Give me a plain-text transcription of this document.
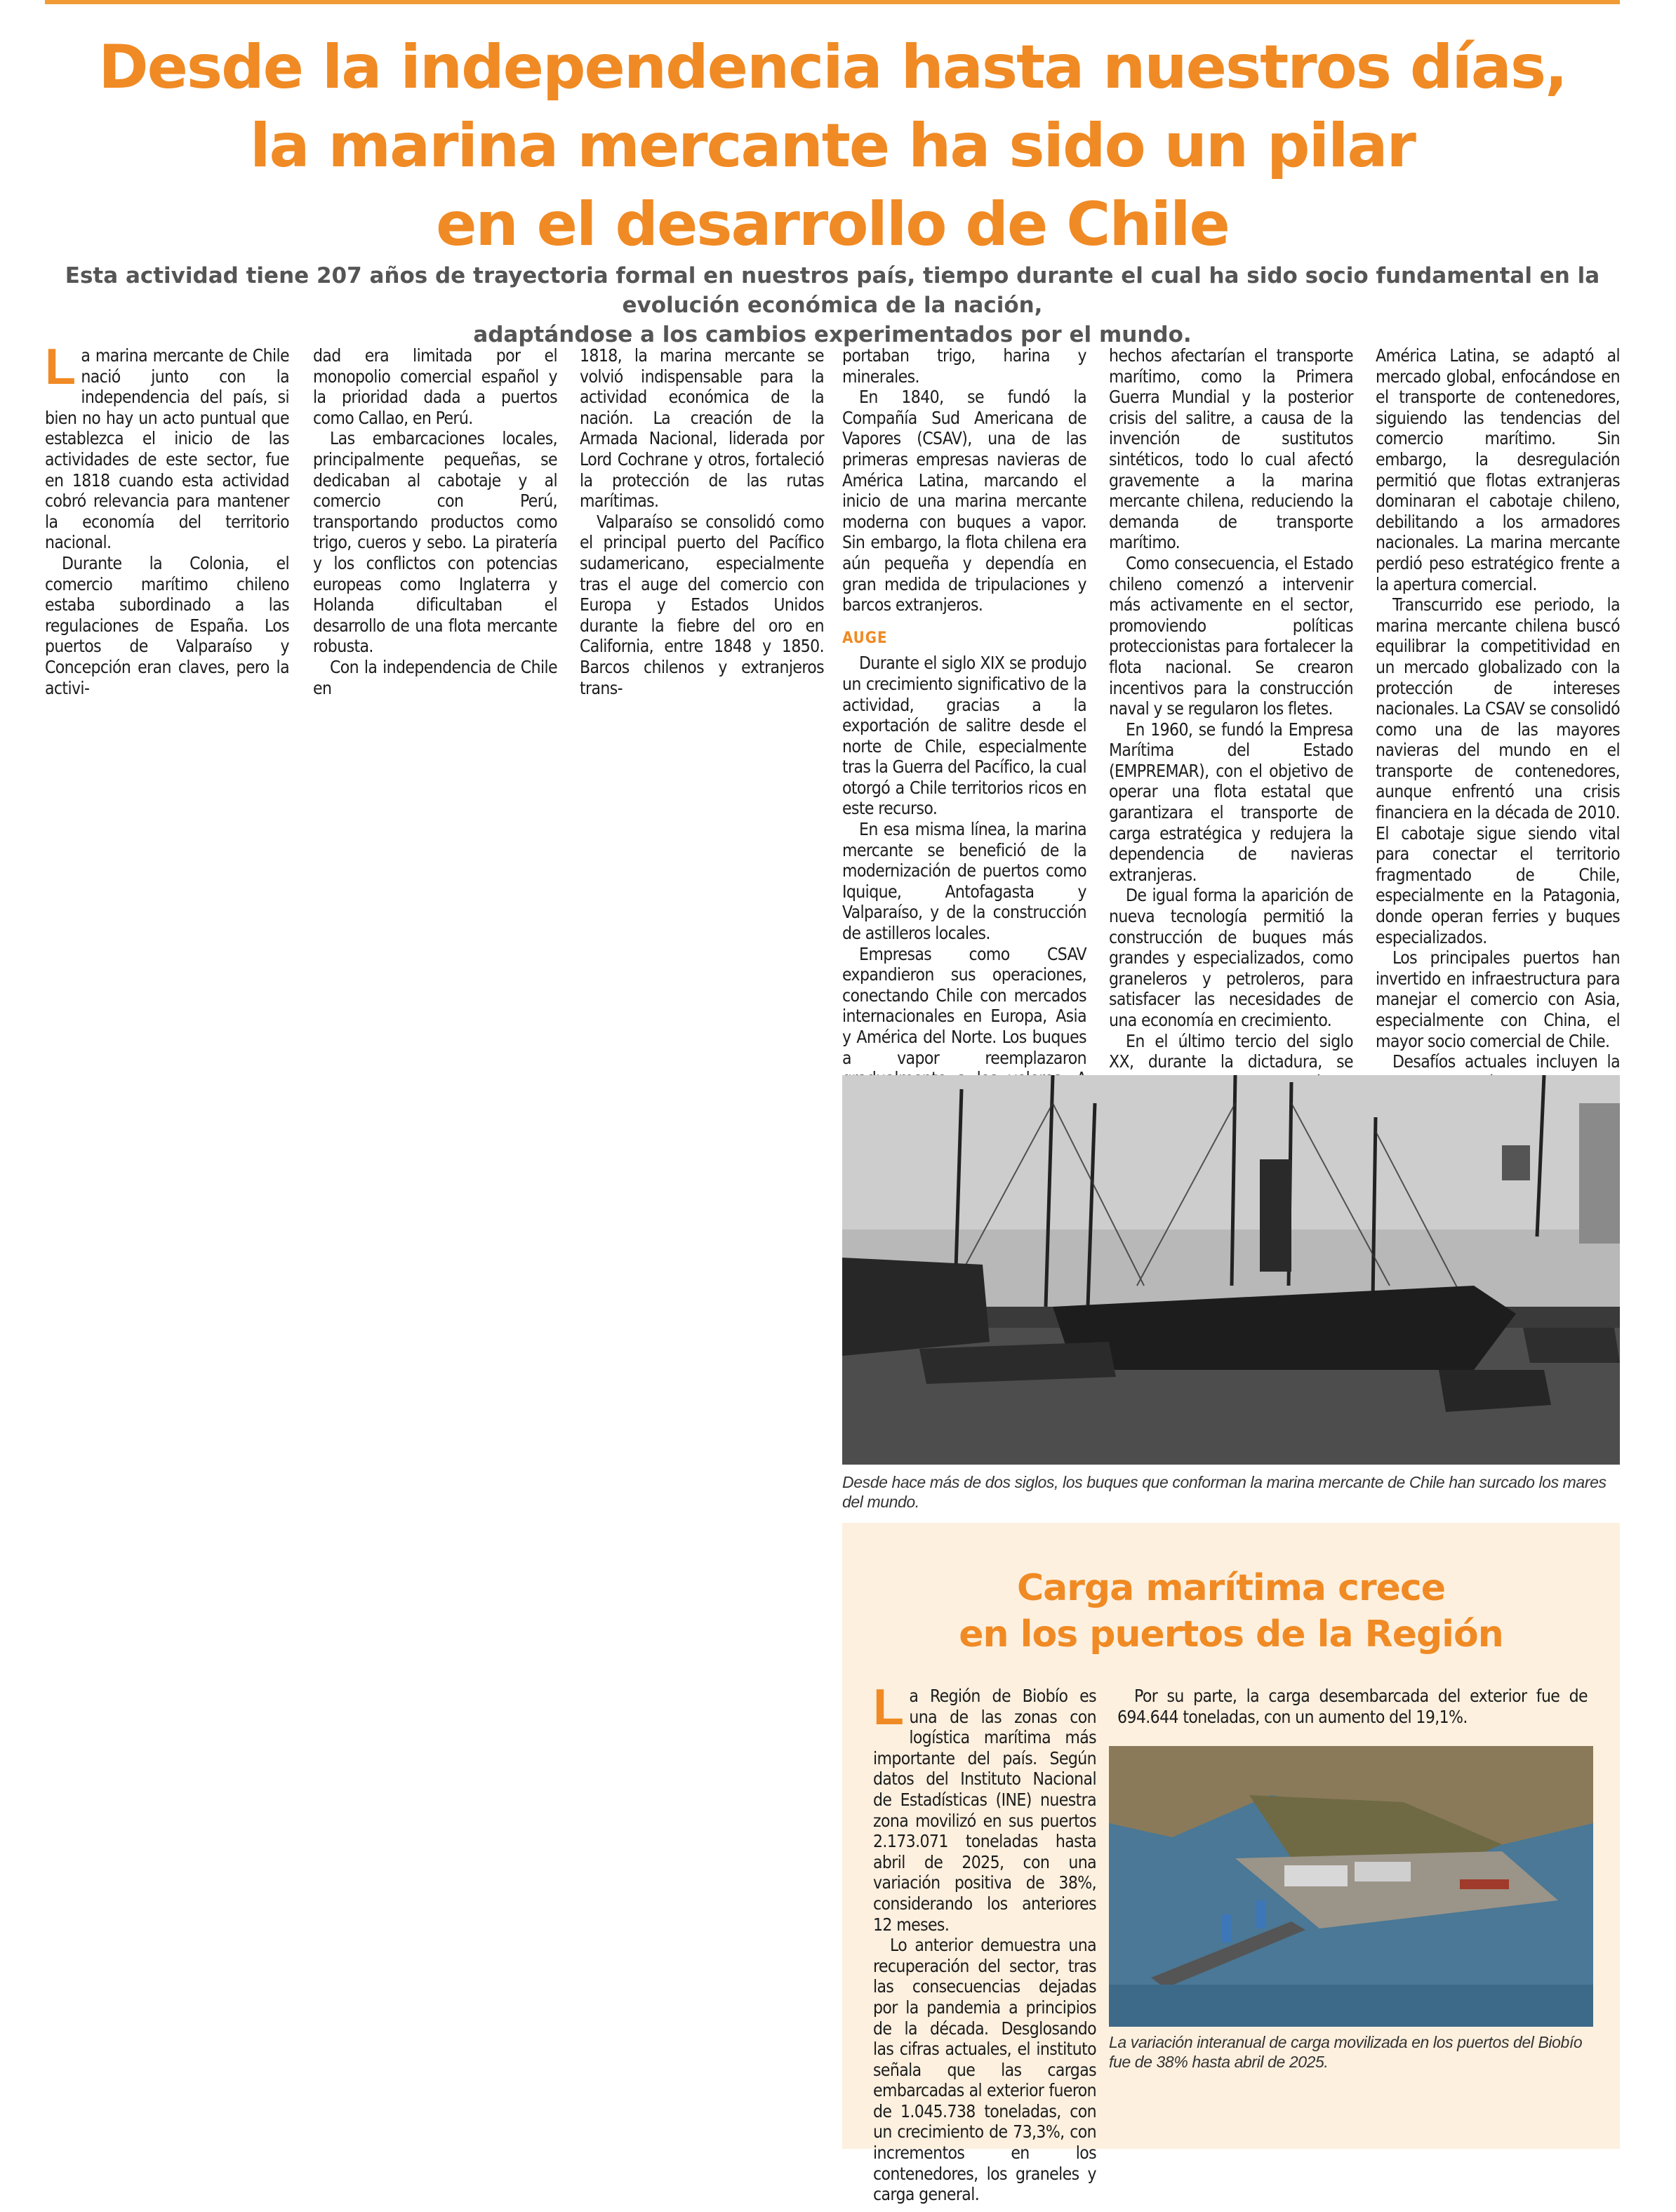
Desde la independencia hasta nuestros días,
la marina mercante ha sido un pilar
en el desarrollo de Chile
Esta actividad tiene 207 años de trayectoria formal en nuestros país, tiempo durante el cual ha sido socio fundamental en la evolución económica de la nación,
adaptándose a los cambios experimentados por el mundo.

La marina mercante de Chile nació junto con la independencia del país, si bien no hay un acto puntual que establezca el inicio de las actividades de este sector, fue en 1818 cuando esta actividad cobró relevancia para mantener la economía del territorio nacional.

Durante la Colonia, el comercio marítimo chileno estaba subordinado a las regulaciones de España. Los puertos de Valparaíso y Concepción eran claves, pero la activi-

dad era limitada por el monopolio comercial español y la prioridad dada a puertos como Callao, en Perú.

Las embarcaciones locales, principalmente pequeñas, se dedicaban al cabotaje y al comercio con Perú, transportando productos como trigo, cueros y sebo. La piratería y los conflictos con potencias europeas como Inglaterra y Holanda dificultaban el desarrollo de una flota mercante robusta.

Con la independencia de Chile en

1818, la marina mercante se volvió indispensable para la actividad económica de la nación. La creación de la Armada Nacional, liderada por Lord Cochrane y otros, fortaleció la protección de las rutas marítimas.

Valparaíso se consolidó como el principal puerto del Pacífico sudamericano, especialmente tras el auge del comercio con Europa y Estados Unidos durante la fiebre del oro en California, entre 1848 y 1850. Barcos chilenos y extranjeros trans-

portaban trigo, harina y minerales.

En 1840, se fundó la Compañía Sud Americana de Vapores (CSAV), una de las primeras empresas navieras de América Latina, marcando el inicio de una marina mercante moderna con buques a vapor. Sin embargo, la flota chilena era aún pequeña y dependía en gran medida de tripulaciones y barcos extranjeros.

AUGE

Durante el siglo XIX se produjo un crecimiento significativo de la actividad, gracias a la exportación de salitre desde el norte de Chile, especialmente tras la Guerra del Pacífico, la cual otorgó a Chile territorios ricos en este recurso.

En esa misma línea, la marina mercante se benefició de la modernización de puertos como Iquique, Antofagasta y Valparaíso, y de la construcción de astilleros locales.

Empresas como CSAV expandieron sus operaciones, conectando Chile con mercados internacionales en Europa, Asia y América del Norte. Los buques a vapor reemplazaron

hechos afectarían el transporte marítimo, como la Primera Guerra Mundial y la posterior crisis del salitre, a causa de la invención de sustitutos sintéticos, todo lo cual afectó gravemente a la marina mercante chilena, reduciendo la demanda de transporte marítimo.

Como consecuencia, el Estado chileno comenzó a intervenir más activamente en el sector, promoviendo políticas proteccionistas para fortalecer la flota nacional. Se crearon incentivos para la construcción naval y se regularon los fletes.

En 1960, se fundó la Empresa Marítima del Estado (EMPREMAR), con el objetivo de operar una flota estatal que garantizara el transporte de carga estratégica y redujera la dependencia de navieras extranjeras.

De igual forma la aparición de nueva tecnología permitió la construcción de buques más grandes y especializados, como graneleros y petroleros, para satisfacer las necesidades de una economía en crecimiento.

En el último tercio del siglo XX, durante la dictadura, se

América Latina, se adaptó al mercado global, enfocándose en el transporte de contenedores, siguiendo las tendencias del comercio marítimo. Sin embargo, la desregulación permitió que flotas extranjeras dominaran el cabotaje chileno, debilitando a los armadores nacionales. La marina mercante perdió peso estratégico frente a la apertura comercial.

Transcurrido ese periodo, la marina mercante chilena buscó equilibrar la competitividad en un mercado globalizado con la protección de intereses nacionales. La CSAV se consolidó como una de las mayores navieras del mundo en el transporte de contenedores, aunque enfrentó una crisis financiera en la década de 2010. El cabotaje sigue siendo vital para conectar el territorio fragmentado de Chile, especialmente en la Patagonia, donde operan ferries y buques especializados.

Los principales puertos han invertido en infraestructura para manejar el comercio con Asia, especialmente con China, el mayor socio comercial de Chile.

Desafíos actuales incluyen la

Desde hace más de dos siglos, los buques que conforman la marina mercante de Chile han surcado los mares del mundo.
Carga marítima crece
en los puertos de la Región

La Región de Biobío es una de las zonas con logística marítima más importante del país. Según datos del Instituto Nacional de Estadísticas (INE) nuestra zona movilizó en sus puertos 2.173.071 toneladas hasta abril de 2025, con una variación positiva de 38%, considerando los anteriores 12 meses.

Lo anterior demuestra una recuperación del sector, tras las consecuencias dejadas por la pandemia a principios de la década. Desglosando las cifras actuales, el instituto señala que las cargas embarcadas al exterior fueron de 1.045.738 toneladas, con un crecimiento de 73,3%, con incrementos en los contenedores, los graneles y carga general.

Por su parte, la carga desembarcada del exterior fue de 694.644 toneladas, con un aumento del 19,1%.

La variación interanual de carga movilizada en los puertos del Biobío fue de 38% hasta abril de 2025.
